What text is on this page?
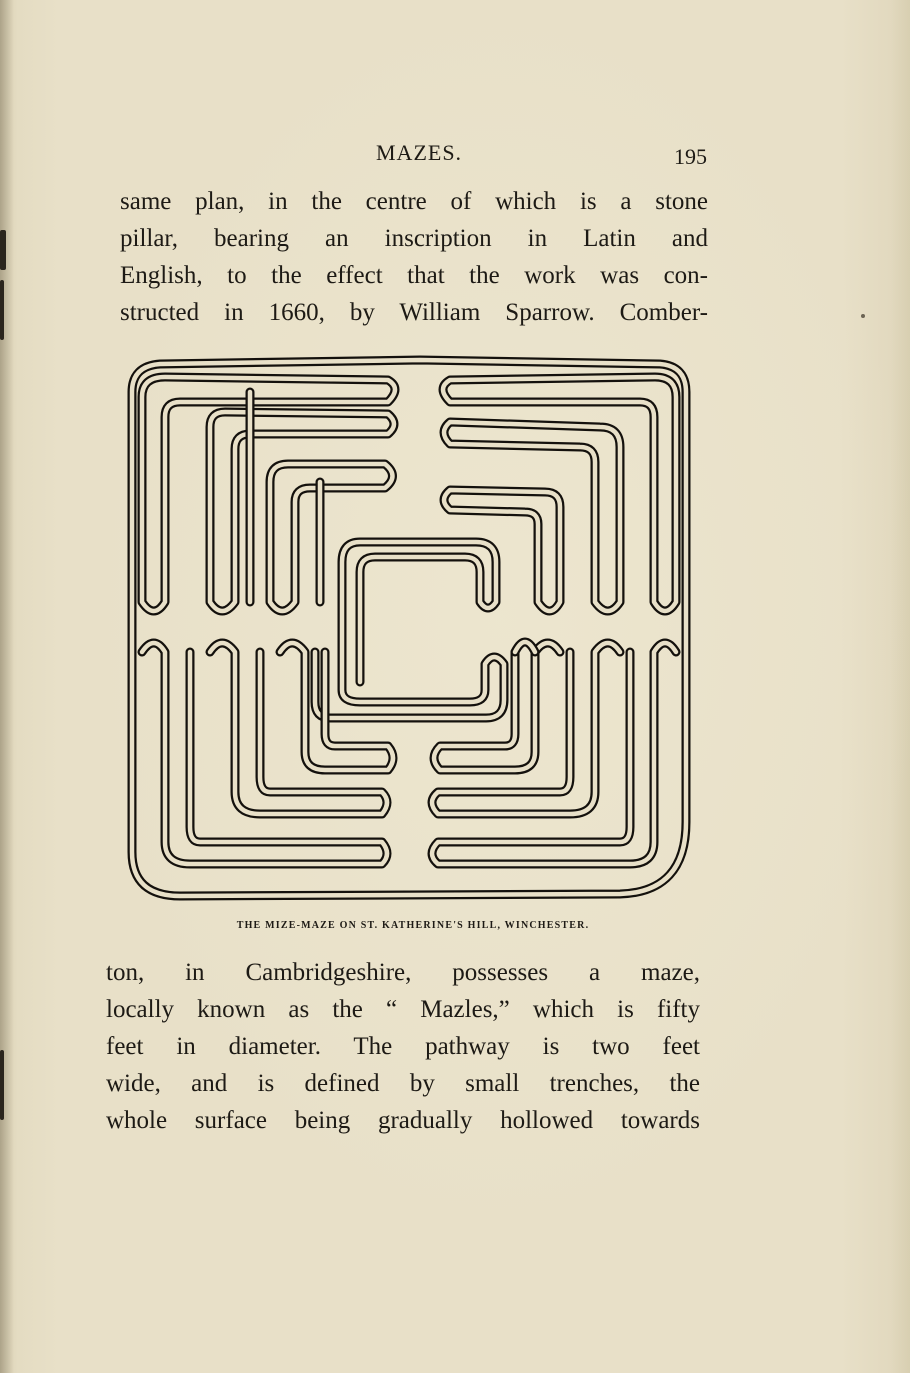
MAZES.	195
same plan, in the centre of which is a stone
pillar, bearing an inscription in Latin and
English, to the effect that the work was con-
structed in 1660, by William Sparrow. Comber-
THE MIZE-MAZE ON ST. KATHERINE'S HILL, WINCHESTER.
ton, in Cambridgeshire, possesses a maze,
locally known as the “ Mazles,” which is fifty
feet in diameter. The pathway is two feet
wide, and is defined by small trenches, the
whole surface being gradually hollowed towards
